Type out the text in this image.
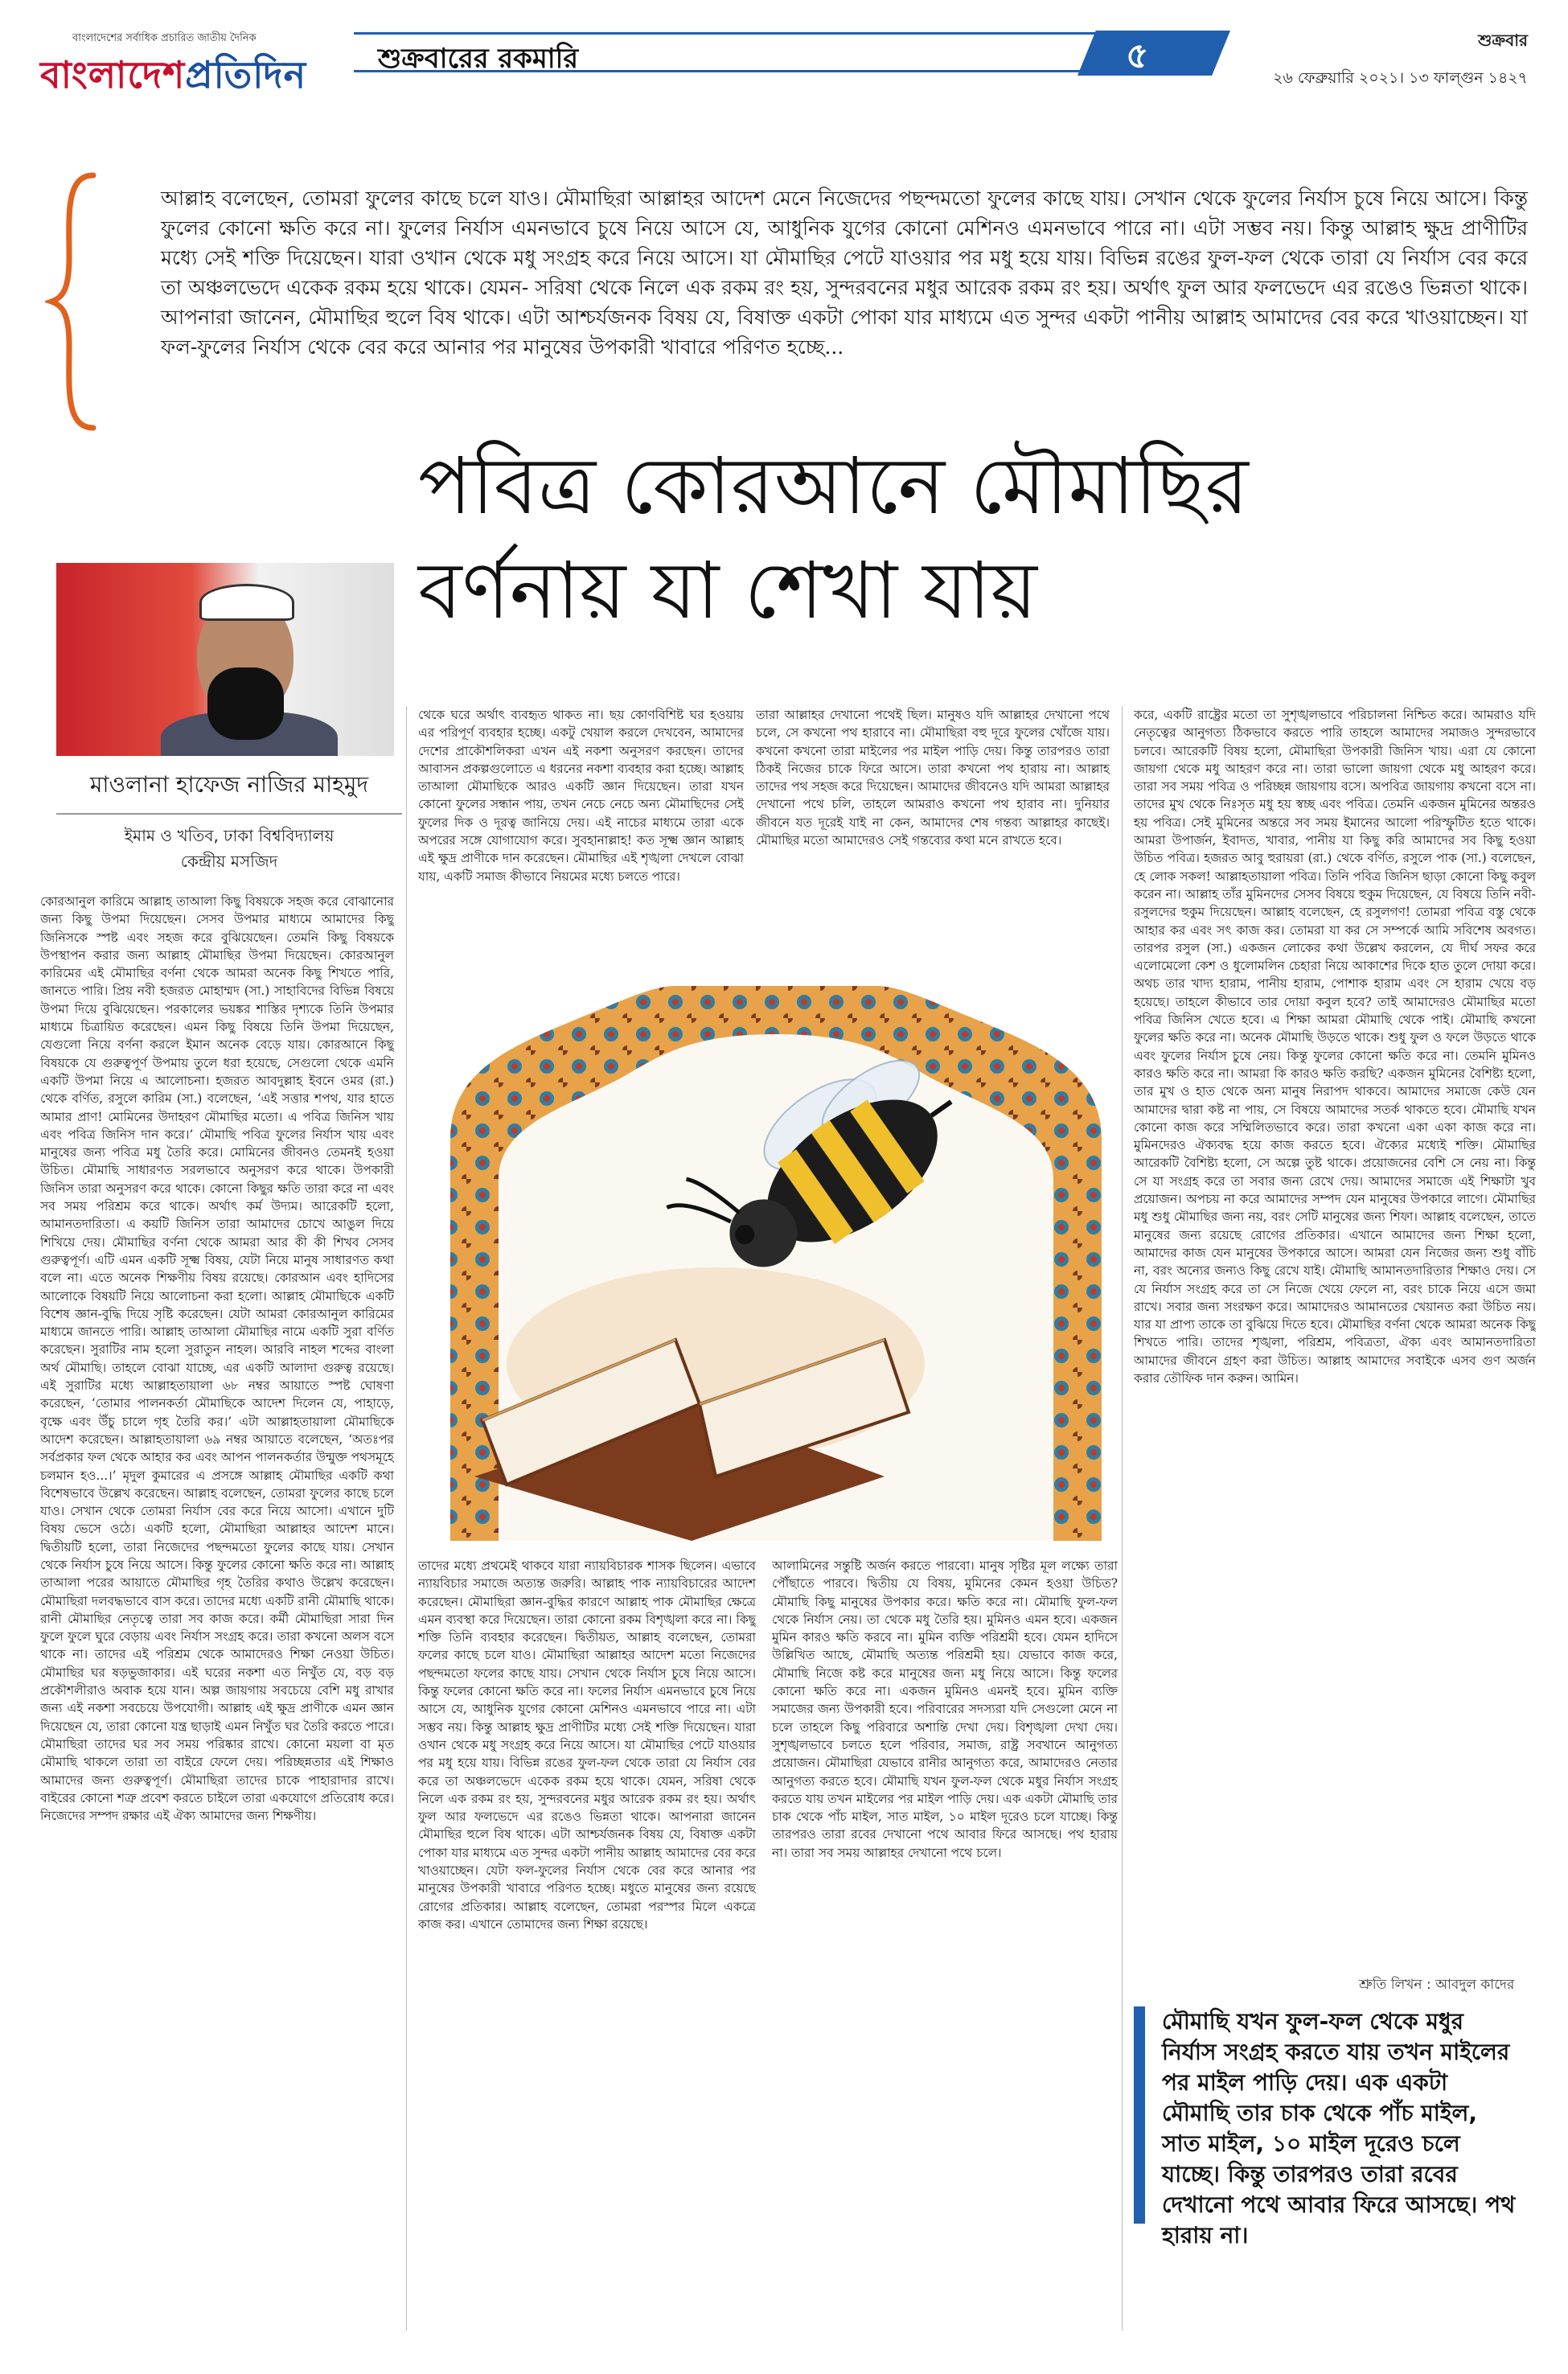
বাংলাদেশের সর্বাধিক প্রচারিত জাতীয় দৈনিক
বাংলাদেশপ্রতিদিন	শুক্রবারের রকমারি	৫	শুক্রবার
২৬ ফেব্রুয়ারি ২০২১। ১৩ ফাল্গুন ১৪২৭
আল্লাহ বলেছেন, তোমরা ফুলের কাছে চলে যাও। মৌমাছিরা আল্লাহর আদেশ মেনে নিজেদের পছন্দমতো ফুলের কাছে যায়। সেখান থেকে ফুলের নির্যাস চুষে নিয়ে আসে। কিন্তু ফুলের কোনো ক্ষতি করে না। ফুলের নির্যাস এমনভাবে চুষে নিয়ে আসে যে, আধুনিক যুগের কোনো মেশিনও এমনভাবে পারে না। এটা সম্ভব নয়। কিন্তু আল্লাহ ক্ষুদ্র প্রাণীটির মধ্যে সেই শক্তি দিয়েছেন। যারা ওখান থেকে মধু সংগ্রহ করে নিয়ে আসে। যা মৌমাছির পেটে যাওয়ার পর মধু হয়ে যায়। বিভিন্ন রঙের ফুল-ফল থেকে তারা যে নির্যাস বের করে তা অঞ্চলভেদে একেক রকম হয়ে থাকে। যেমন- সরিষা থেকে নিলে এক রকম রং হয়, সুন্দরবনের মধুর আরেক রকম রং হয়। অর্থাৎ ফুল আর ফলভেদে এর রঙেও ভিন্নতা থাকে। আপনারা জানেন, মৌমাছির হুলে বিষ থাকে। এটা আশ্চর্যজনক বিষয় যে, বিষাক্ত একটা পোকা যার মাধ্যমে এত সুন্দর একটা পানীয় আল্লাহ আমাদের বের করে খাওয়াচ্ছেন। যা ফল-ফুলের নির্যাস থেকে বের করে আনার পর মানুষের উপকারী খাবারে পরিণত হচ্ছে...
পবিত্র কোরআনে মৌমাছির
বর্ণনায় যা শেখা যায়
মাওলানা হাফেজ নাজির মাহমুদ
ইমাম ও খতিব, ঢাকা বিশ্ববিদ্যালয়
কেন্দ্রীয় মসজিদ

কোরআনুল কারিমে আল্লাহ তাআলা কিছু বিষয়কে সহজ করে বোঝানোর জন্য কিছু উপমা দিয়েছেন। সেসব উপমার মাধ্যমে আমাদের কিছু জিনিসকে স্পষ্ট এবং সহজ করে বুঝিয়েছেন। তেমনি কিছু বিষয়কে উপস্থাপন করার জন্য আল্লাহ মৌমাছির উপমা দিয়েছেন। কোরআনুল কারিমের এই মৌমাছির বর্ণনা থেকে আমরা অনেক কিছু শিখতে পারি, জানতে পারি। প্রিয় নবী হজরত মোহাম্মদ (সা.) সাহাবিদের বিভিন্ন বিষয়ে উপমা দিয়ে বুঝিয়েছেন। পরকালের ভয়ঙ্কর শাস্তির দৃশ্যকে তিনি উপমার মাধ্যমে চিত্রায়িত করেছেন। এমন কিছু বিষয়ে তিনি উপমা দিয়েছেন, যেগুলো নিয়ে বর্ণনা করলে ইমান অনেক বেড়ে যায়। কোরআনে কিছু বিষয়কে যে গুরুত্বপূর্ণ উপমায় তুলে ধরা হয়েছে, সেগুলো থেকে এমনি একটি উপমা নিয়ে এ আলোচনা। হজরত আবদুল্লাহ ইবনে ওমর (রা.) থেকে বর্ণিত, রসুলে কারিম (সা.) বলেছেন, ‘এই সত্তার শপথ, যার হাতে আমার প্রাণ! মোমিনের উদাহরণ মৌমাছির মতো। এ পবিত্র জিনিস খায় এবং পবিত্র জিনিস দান করে।’ মৌমাছি পবিত্র ফুলের নির্যাস খায় এবং মানুষের জন্য পবিত্র মধু তৈরি করে। মোমিনের জীবনও তেমনই হওয়া উচিত। মৌমাছি সাধারণত সরলভাবে অনুসরণ করে থাকে। উপকারী জিনিস তারা অনুসরণ করে থাকে। কোনো কিছুর ক্ষতি তারা করে না এবং সব সময় পরিশ্রম করে থাকে। অর্থাৎ কর্ম উদ্যম। আরেকটি হলো, আমানতদারিতা। এ কয়টি জিনিস তারা আমাদের চোখে আঙুল দিয়ে শিখিয়ে দেয়। মৌমাছির বর্ণনা থেকে আমরা আর কী কী শিখব সেসব গুরুত্বপূর্ণ। এটি এমন একটি সূক্ষ্ম বিষয়, যেটা নিয়ে মানুষ সাধারণত কথা বলে না। এতে অনেক শিক্ষণীয় বিষয় রয়েছে। কোরআন এবং হাদিসের আলোকে বিষয়টি নিয়ে আলোচনা করা হলো। আল্লাহ মৌমাছিকে একটি বিশেষ জ্ঞান-বুদ্ধি দিয়ে সৃষ্টি করেছেন। যেটা আমরা কোরআনুল কারিমের মাধ্যমে জানতে পারি। আল্লাহ তাআলা মৌমাছির নামে একটি সুরা বর্ণিত করেছেন। সুরাটির নাম হলো সুরাতুন নাহল। আরবি নাহল শব্দের বাংলা অর্থ মৌমাছি। তাহলে বোঝা যাচ্ছে, এর একটি আলাদা গুরুত্ব রয়েছে। এই সুরাটির মধ্যে আল্লাহতায়ালা ৬৮ নম্বর আয়াতে স্পষ্ট ঘোষণা করেছেন, ‘তোমার পালনকর্তা মৌমাছিকে আদেশ দিলেন যে, পাহাড়ে, বৃক্ষে এবং উঁচু চালে গৃহ তৈরি কর।’ এটা আল্লাহতায়ালা মৌমাছিকে আদেশ করেছেন। আল্লাহতায়ালা ৬৯ নম্বর আয়াতে বলেছেন, ‘অতঃপর সর্বপ্রকার ফল থেকে আহার কর এবং আপন পালনকর্তার উন্মুক্ত পথসমূহে চলমান হও...।’ মৃদুল কুমারের এ প্রসঙ্গে আল্লাহ মৌমাছির একটি কথা বিশেষভাবে উল্লেখ করেছেন। আল্লাহ বলেছেন, তোমরা ফুলের কাছে চলে যাও। সেখান থেকে তোমরা নির্যাস বের করে নিয়ে আসো। এখানে দুটি বিষয় ভেসে ওঠে। একটি হলো, মৌমাছিরা আল্লাহর আদেশ মানে। দ্বিতীয়টি হলো, তারা নিজেদের পছন্দমতো ফুলের কাছে যায়। সেখান থেকে নির্যাস চুষে নিয়ে আসে। কিন্তু ফুলের কোনো ক্ষতি করে না। আল্লাহ তাআলা পরের আয়াতে মৌমাছির গৃহ তৈরির কথাও উল্লেখ করেছেন। মৌমাছিরা দলবদ্ধভাবে বাস করে। তাদের মধ্যে একটি রানী মৌমাছি থাকে। রানী মৌমাছির নেতৃত্বে তারা সব কাজ করে। কর্মী মৌমাছিরা সারা দিন ফুলে ফুলে ঘুরে বেড়ায় এবং নির্যাস সংগ্রহ করে। তারা কখনো অলস বসে থাকে না। তাদের এই পরিশ্রম থেকে আমাদেরও শিক্ষা নেওয়া উচিত। মৌমাছির ঘর ষড়ভুজাকার। এই ঘরের নকশা এত নিখুঁত যে, বড় বড় প্রকৌশলীরাও অবাক হয়ে যান। অল্প জায়গায় সবচেয়ে বেশি মধু রাখার জন্য এই নকশা সবচেয়ে উপযোগী। আল্লাহ এই ক্ষুদ্র প্রাণীকে এমন জ্ঞান দিয়েছেন যে, তারা কোনো যন্ত্র ছাড়াই এমন নিখুঁত ঘর তৈরি করতে পারে। মৌমাছিরা তাদের ঘর সব সময় পরিষ্কার রাখে। কোনো ময়লা বা মৃত মৌমাছি থাকলে তারা তা বাইরে ফেলে দেয়। পরিচ্ছন্নতার এই শিক্ষাও আমাদের জন্য গুরুত্বপূর্ণ। মৌমাছিরা তাদের চাকে পাহারাদার রাখে। বাইরের কোনো শত্রু প্রবেশ করতে চাইলে তারা একযোগে প্রতিরোধ করে। নিজেদের সম্পদ রক্ষার এই ঐক্য আমাদের জন্য শিক্ষণীয়।

থেকে ঘরে অর্থাৎ ব্যবহৃত থাকত না। ছয় কোণবিশিষ্ট ঘর হওয়ায় এর পরিপূর্ণ ব্যবহার হচ্ছে। একটু খেয়াল করলে দেখবেন, আমাদের দেশের প্রাকৌশলিকরা এখন এই নকশা অনুসরণ করছেন। তাদের আবাসন প্রকল্পগুলোতে এ ধরনের নকশা ব্যবহার করা হচ্ছে। আল্লাহ তাআলা মৌমাছিকে আরও একটি জ্ঞান দিয়েছেন। তারা যখন কোনো ফুলের সন্ধান পায়, তখন নেচে নেচে অন্য মৌমাছিদের সেই ফুলের দিক ও দূরত্ব জানিয়ে দেয়। এই নাচের মাধ্যমে তারা একে অপরের সঙ্গে যোগাযোগ করে। সুবহানাল্লাহ! কত সূক্ষ্ম জ্ঞান আল্লাহ এই ক্ষুদ্র প্রাণীকে দান করেছেন। মৌমাছির এই শৃঙ্খলা দেখলে বোঝা যায়, একটি সমাজ কীভাবে নিয়মের মধ্যে চলতে পারে।

তারা আল্লাহর দেখানো পথেই ছিল। মানুষও যদি আল্লাহর দেখানো পথে চলে, সে কখনো পথ হারাবে না। মৌমাছিরা বহু দূরে ফুলের খোঁজে যায়। কখনো কখনো তারা মাইলের পর মাইল পাড়ি দেয়। কিন্তু তারপরও তারা ঠিকই নিজের চাকে ফিরে আসে। তারা কখনো পথ হারায় না। আল্লাহ তাদের পথ সহজ করে দিয়েছেন। আমাদের জীবনেও যদি আমরা আল্লাহর দেখানো পথে চলি, তাহলে আমরাও কখনো পথ হারাব না। দুনিয়ার জীবনে যত দূরেই যাই না কেন, আমাদের শেষ গন্তব্য আল্লাহর কাছেই। মৌমাছির মতো আমাদেরও সেই গন্তব্যের কথা মনে রাখতে হবে।

করে, একটি রাষ্ট্রের মতো তা সুশৃঙ্খলভাবে পরিচালনা নিশ্চিত করে। আমরাও যদি নেতৃত্বের আনুগত্য ঠিকভাবে করতে পারি তাহলে আমাদের সমাজও সুন্দরভাবে চলবে। আরেকটি বিষয় হলো, মৌমাছিরা উপকারী জিনিস খায়। এরা যে কোনো জায়গা থেকে মধু আহরণ করে না। তারা ভালো জায়গা থেকে মধু আহরণ করে। তারা সব সময় পবিত্র ও পরিচ্ছন্ন জায়গায় বসে। অপবিত্র জায়গায় কখনো বসে না। তাদের মুখ থেকে নিঃসৃত মধু হয় স্বচ্ছ এবং পবিত্র। তেমনি একজন মুমিনের অন্তরও হয় পবিত্র। সেই মুমিনের অন্তরে সব সময় ইমানের আলো পরিস্ফুটিত হতে থাকে। আমরা উপার্জন, ইবাদত, খাবার, পানীয় যা কিছু করি আমাদের সব কিছু হওয়া উচিত পবিত্র। হজরত আবু হুরায়রা (রা.) থেকে বর্ণিত, রসুলে পাক (সা.) বলেছেন, হে লোক সকল! আল্লাহতায়ালা পবিত্র। তিনি পবিত্র জিনিস ছাড়া কোনো কিছু কবুল করেন না। আল্লাহ তাঁর মুমিনদের সেসব বিষয়ে হুকুম দিয়েছেন, যে বিষয়ে তিনি নবী-রসুলদের হুকুম দিয়েছেন। আল্লাহ বলেছেন, হে রসুলগণ! তোমরা পবিত্র বস্তু থেকে আহার কর এবং সৎ কাজ কর। তোমরা যা কর সে সম্পর্কে আমি সবিশেষ অবগত। তারপর রসুল (সা.) একজন লোকের কথা উল্লেখ করলেন, যে দীর্ঘ সফর করে এলোমেলো কেশ ও ধুলোমলিন চেহারা নিয়ে আকাশের দিকে হাত তুলে দোয়া করে। অথচ তার খাদ্য হারাম, পানীয় হারাম, পোশাক হারাম এবং সে হারাম খেয়ে বড় হয়েছে। তাহলে কীভাবে তার দোয়া কবুল হবে? তাই আমাদেরও মৌমাছির মতো পবিত্র জিনিস খেতে হবে। এ শিক্ষা আমরা মৌমাছি থেকে পাই। মৌমাছি কখনো ফুলের ক্ষতি করে না। অনেক মৌমাছি উড়তে থাকে। শুধু ফুল ও ফলে উড়তে থাকে এবং ফুলের নির্যাস চুষে নেয়। কিন্তু ফুলের কোনো ক্ষতি করে না। তেমনি মুমিনও কারও ক্ষতি করে না। আমরা কি কারও ক্ষতি করছি? একজন মুমিনের বৈশিষ্ট্য হলো, তার মুখ ও হাত থেকে অন্য মানুষ নিরাপদ থাকবে। আমাদের সমাজে কেউ যেন আমাদের দ্বারা কষ্ট না পায়, সে বিষয়ে আমাদের সতর্ক থাকতে হবে। মৌমাছি যখন কোনো কাজ করে সম্মিলিতভাবে করে। তারা কখনো একা একা কাজ করে না। মুমিনদেরও ঐক্যবদ্ধ হয়ে কাজ করতে হবে। ঐক্যের মধ্যেই শক্তি। মৌমাছির আরেকটি বৈশিষ্ট্য হলো, সে অল্পে তুষ্ট থাকে। প্রয়োজনের বেশি সে নেয় না। কিন্তু সে যা সংগ্রহ করে তা সবার জন্য রেখে দেয়। আমাদের সমাজে এই শিক্ষাটা খুব প্রয়োজন। অপচয় না করে আমাদের সম্পদ যেন মানুষের উপকারে লাগে। মৌমাছির মধু শুধু মৌমাছির জন্য নয়, বরং সেটি মানুষের জন্য শিফা। আল্লাহ বলেছেন, তাতে মানুষের জন্য রয়েছে রোগের প্রতিকার। এখানে আমাদের জন্য শিক্ষা হলো, আমাদের কাজ যেন মানুষের উপকারে আসে। আমরা যেন নিজের জন্য শুধু বাঁচি না, বরং অন্যের জন্যও কিছু রেখে যাই। মৌমাছি আমানতদারিতার শিক্ষাও দেয়। সে যে নির্যাস সংগ্রহ করে তা সে নিজে খেয়ে ফেলে না, বরং চাকে নিয়ে এসে জমা রাখে। সবার জন্য সংরক্ষণ করে। আমাদেরও আমানতের খেয়ানত করা উচিত নয়। যার যা প্রাপ্য তাকে তা বুঝিয়ে দিতে হবে। মৌমাছির বর্ণনা থেকে আমরা অনেক কিছু শিখতে পারি। তাদের শৃঙ্খলা, পরিশ্রম, পবিত্রতা, ঐক্য এবং আমানতদারিতা আমাদের জীবনে গ্রহণ করা উচিত। আল্লাহ আমাদের সবাইকে এসব গুণ অর্জন করার তৌফিক দান করুন। আমিন।

তাদের মধ্যে প্রথমেই থাকবে যারা ন্যায়বিচারক শাসক ছিলেন। এভাবে ন্যায়বিচার সমাজে অত্যন্ত জরুরি। আল্লাহ পাক ন্যায়বিচারের আদেশ করেছেন। মৌমাছিরা জ্ঞান-বুদ্ধির কারণে আল্লাহ পাক মৌমাছির ক্ষেত্রে এমন ব্যবস্থা করে দিয়েছেন। তারা কোনো রকম বিশৃঙ্খলা করে না। কিছু শক্তি তিনি ব্যবহার করেছেন। দ্বিতীয়ত, আল্লাহ বলেছেন, তোমরা ফলের কাছে চলে যাও। মৌমাছিরা আল্লাহর আদেশ মতো নিজেদের পছন্দমতো ফলের কাছে যায়। সেখান থেকে নির্যাস চুষে নিয়ে আসে। কিন্তু ফলের কোনো ক্ষতি করে না। ফলের নির্যাস এমনভাবে চুষে নিয়ে আসে যে, আধুনিক যুগের কোনো মেশিনও এমনভাবে পারে না। এটা সম্ভব নয়। কিন্তু আল্লাহ ক্ষুদ্র প্রাণীটির মধ্যে সেই শক্তি দিয়েছেন। যারা ওখান থেকে মধু সংগ্রহ করে নিয়ে আসে। যা মৌমাছির পেটে যাওয়ার পর মধু হয়ে যায়। বিভিন্ন রঙের ফুল-ফল থেকে তারা যে নির্যাস বের করে তা অঞ্চলভেদে একেক রকম হয়ে থাকে। যেমন, সরিষা থেকে নিলে এক রকম রং হয়, সুন্দরবনের মধুর আরেক রকম রং হয়। অর্থাৎ ফুল আর ফলভেদে এর রঙেও ভিন্নতা থাকে। আপনারা জানেন মৌমাছির হুলে বিষ থাকে। এটা আশ্চর্যজনক বিষয় যে, বিষাক্ত একটা পোকা যার মাধ্যমে এত সুন্দর একটা পানীয় আল্লাহ আমাদের বের করে খাওয়াচ্ছেন। যেটা ফল-ফুলের নির্যাস থেকে বের করে আনার পর মানুষের উপকারী খাবারে পরিণত হচ্ছে। মধুতে মানুষের জন্য রয়েছে রোগের প্রতিকার। আল্লাহ বলেছেন, তোমরা পরস্পর মিলে একত্রে কাজ কর। এখানে তোমাদের জন্য শিক্ষা রয়েছে।

আলামিনের সন্তুষ্টি অর্জন করতে পারবো। মানুষ সৃষ্টির মূল লক্ষ্যে তারা পৌঁছাতে পারবে। দ্বিতীয় যে বিষয়, মুমিনের কেমন হওয়া উচিত? মৌমাছি কিছু মানুষের উপকার করে। ক্ষতি করে না। মৌমাছি ফুল-ফল থেকে নির্যাস নেয়। তা থেকে মধু তৈরি হয়। মুমিনও এমন হবে। একজন মুমিন কারও ক্ষতি করবে না। মুমিন ব্যক্তি পরিশ্রমী হবে। যেমন হাদিসে উল্লিখিত আছে, মৌমাছি অত্যন্ত পরিশ্রমী হয়। যেভাবে কাজ করে, মৌমাছি নিজে কষ্ট করে মানুষের জন্য মধু নিয়ে আসে। কিন্তু ফলের কোনো ক্ষতি করে না। একজন মুমিনও এমনই হবে। মুমিন ব্যক্তি সমাজের জন্য উপকারী হবে। পরিবারের সদস্যরা যদি সেগুলো মেনে না চলে তাহলে কিছু পরিবারে অশান্তি দেখা দেয়। বিশৃঙ্খলা দেখা দেয়। সুশৃঙ্খলভাবে চলতে হলে পরিবার, সমাজ, রাষ্ট্র সবখানে আনুগত্য প্রয়োজন। মৌমাছিরা যেভাবে রানীর আনুগত্য করে, আমাদেরও নেতার আনুগত্য করতে হবে। মৌমাছি যখন ফুল-ফল থেকে মধুর নির্যাস সংগ্রহ করতে যায় তখন মাইলের পর মাইল পাড়ি দেয়। এক একটা মৌমাছি তার চাক থেকে পাঁচ মাইল, সাত মাইল, ১০ মাইল দূরেও চলে যাচ্ছে। কিন্তু তারপরও তারা রবের দেখানো পথে আবার ফিরে আসছে। পথ হারায় না। তারা সব সময় আল্লাহর দেখানো পথে চলে।

শ্রুতি লিখন : আবদুল কাদের
মৌমাছি যখন ফুল-ফল থেকে মধুর নির্যাস সংগ্রহ করতে যায় তখন মাইলের পর মাইল পাড়ি দেয়। এক একটা মৌমাছি তার চাক থেকে পাঁচ মাইল, সাত মাইল, ১০ মাইল দূরেও চলে যাচ্ছে। কিন্তু তারপরও তারা রবের দেখানো পথে আবার ফিরে আসছে। পথ হারায় না।
